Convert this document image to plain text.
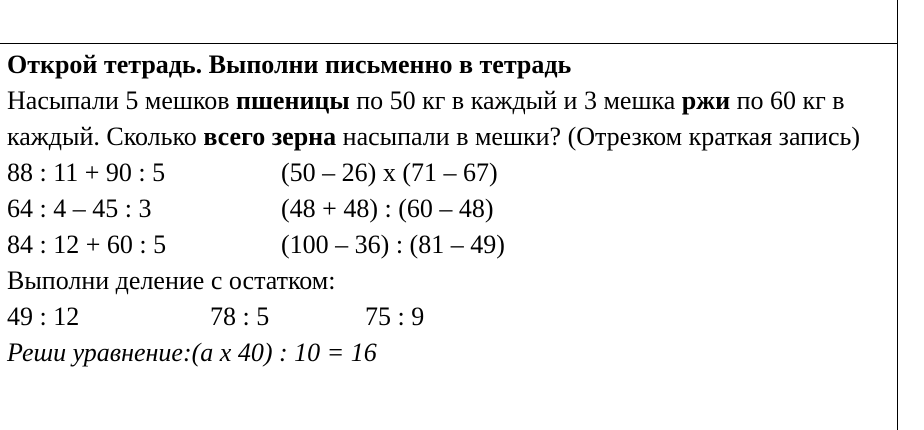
Открой тетрадь. Выполни письменно в тетрадь

Насыпали 5 мешков пшеницы по 50 кг в каждый и 3 мешка ржи по 60 кг в каждый. Сколько всего зерна насыпали в мешки? (Отрезком краткая запись)

88 : 11 + 90 : 5	(50 – 26) х (71 – 67)
64 : 4 – 45 : 3	(48 + 48) : (60 – 48)
84 : 12 + 60 : 5	(100 – 36) : (81 – 49)
Выполни деление с остатком:
49 : 12	78 : 5	75 : 9
Реши уравнение:(а х 40) : 10 = 16
